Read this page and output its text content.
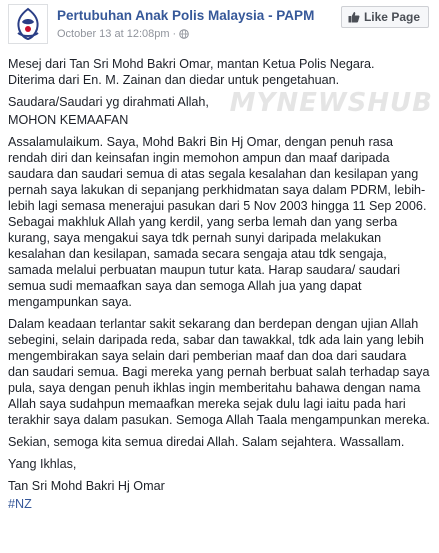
Pertubuhan Anak Polis Malaysia - PAPM
October 13 at 12:08pm ·
Like Page
MYNEWSHUB

Mesej dari Tan Sri Mohd Bakri Omar, mantan Ketua Polis Negara.
Diterima dari En. M. Zainan dan diedar untuk pengetahuan.

Saudara/Saudari yg dirahmati Allah,

MOHON KEMAAFAN

Assalamulaikum. Saya, Mohd Bakri Bin Hj Omar, dengan penuh rasa rendah diri dan keinsafan ingin memohon ampun dan maaf daripada saudara dan saudari semua di atas segala kesalahan dan kesilapan yang pernah saya lakukan di sepanjang perkhidmatan saya dalam PDRM, lebih-lebih lagi semasa menerajui pasukan dari 5 Nov 2003 hingga 11 Sep 2006. Sebagai makhluk Allah yang kerdil, yang serba lemah dan yang serba kurang, saya mengakui saya tdk pernah sunyi daripada melakukan kesalahan dan kesilapan, samada secara sengaja atau tdk sengaja, samada melalui perbuatan maupun tutur kata. Harap saudara/ saudari semua sudi memaafkan saya dan semoga Allah jua yang dapat mengampunkan saya.

Dalam keadaan terlantar sakit sekarang dan berdepan dengan ujian Allah sebegini, selain daripada reda, sabar dan tawakkal, tdk ada lain yang lebih mengembirakan saya selain dari pemberian maaf dan doa dari saudara dan saudari semua. Bagi mereka yang pernah berbuat salah terhadap saya pula, saya dengan penuh ikhlas ingin memberitahu bahawa dengan nama Allah saya sudahpun memaafkan mereka sejak dulu lagi iaitu pada hari terakhir saya dalam pasukan. Semoga Allah Taala mengampunkan mereka.

Sekian, semoga kita semua diredai Allah. Salam sejahtera. Wassallam.

Yang Ikhlas,

Tan Sri Mohd Bakri Hj Omar

#NZ
